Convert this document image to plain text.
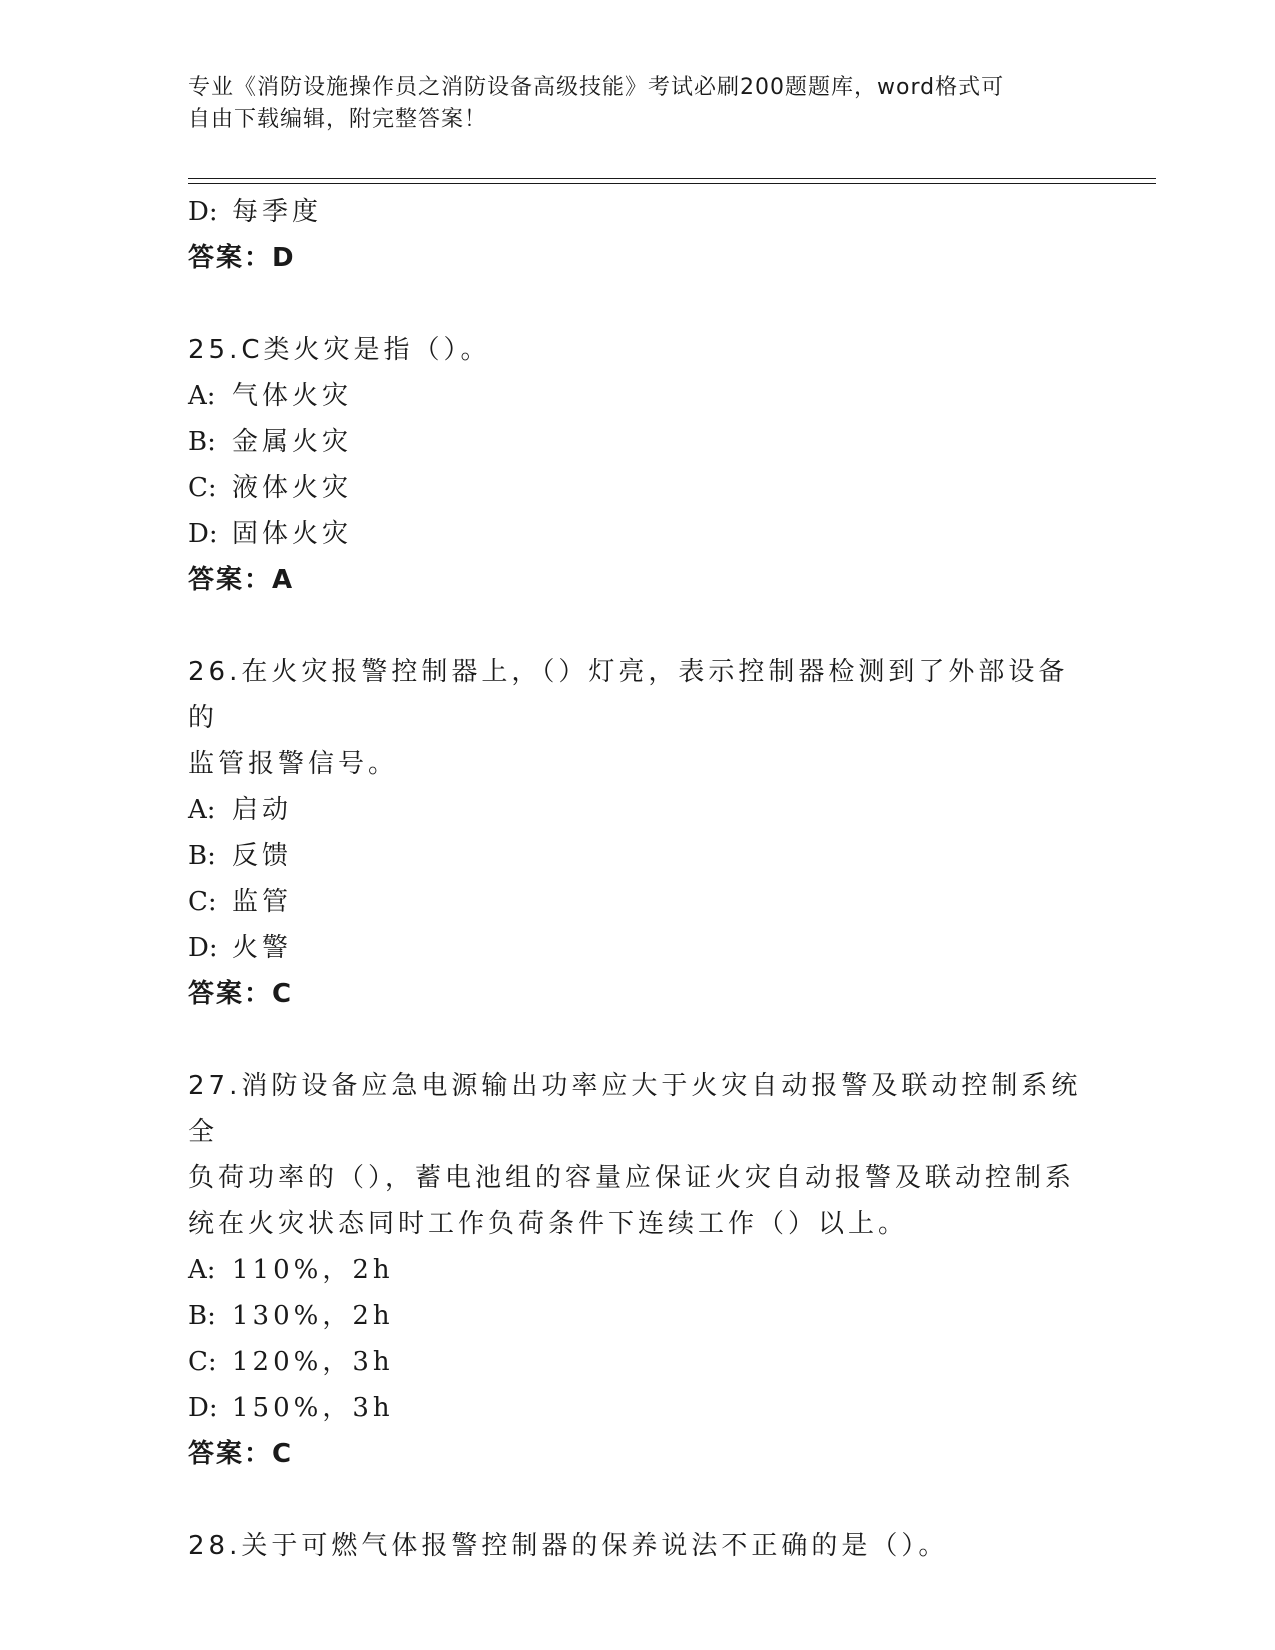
专业《消防设施操作员之消防设备高级技能》考试必刷200题题库，word格式可
自由下载编辑，附完整答案！
D: 每季度
答案：D
25.C类火灾是指（）。
A: 气体火灾
B: 金属火灾
C: 液体火灾
D: 固体火灾
答案：A
26.在火灾报警控制器上，（）灯亮，表示控制器检测到了外部设备的
监管报警信号。
A: 启动
B: 反馈
C: 监管
D: 火警
答案：C
27.消防设备应急电源输出功率应大于火灾自动报警及联动控制系统全
负荷功率的（），蓄电池组的容量应保证火灾自动报警及联动控制系
统在火灾状态同时工作负荷条件下连续工作（）以上。
A: 110%，2h
B: 130%，2h
C: 120%，3h
D: 150%，3h
答案：C
28.关于可燃气体报警控制器的保养说法不正确的是（）。
